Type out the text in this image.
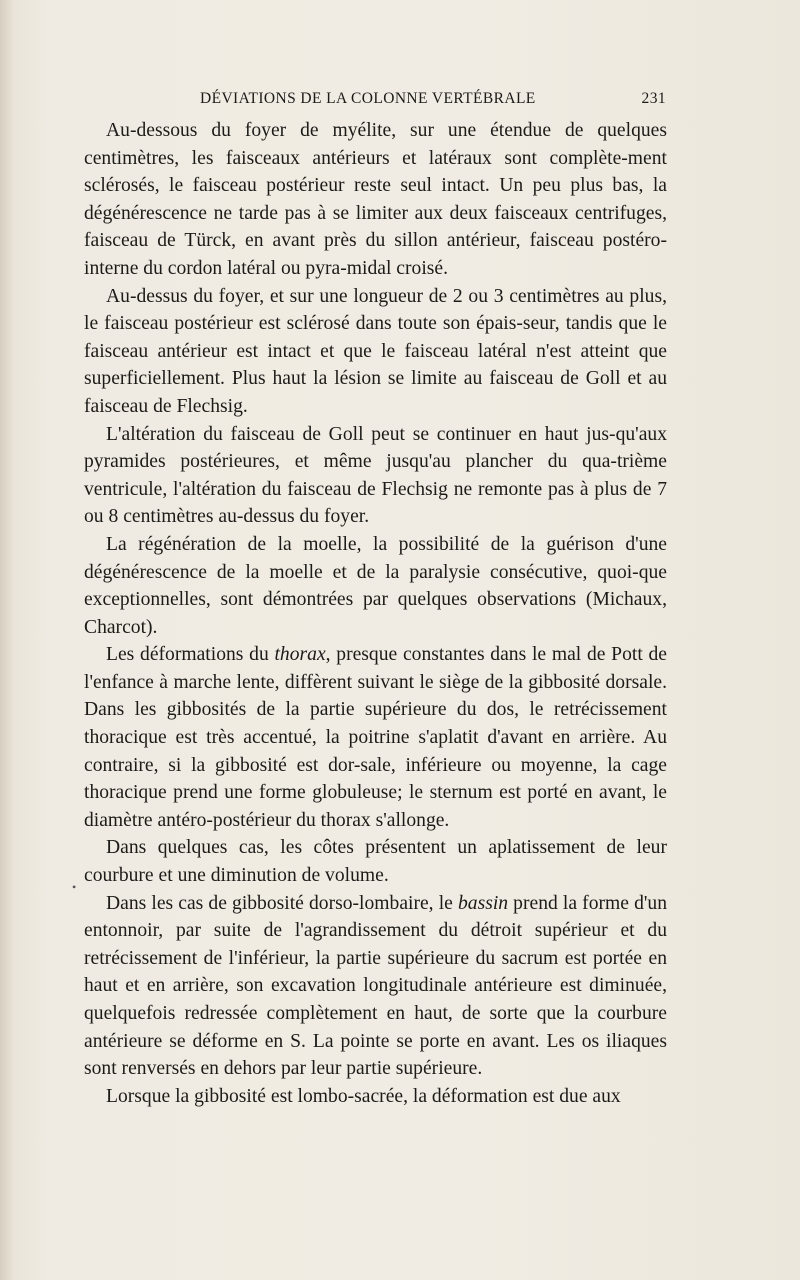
DÉVIATIONS DE LA COLONNE VERTÉBRALE	231
•

Au-dessous du foyer de myélite, sur une étendue de quelques centimètres, les faisceaux antérieurs et latéraux sont complète-ment sclérosés, le faisceau postérieur reste seul intact. Un peu plus bas, la dégénérescence ne tarde pas à se limiter aux deux faisceaux centrifuges, faisceau de Türck, en avant près du sillon antérieur, faisceau postéro-interne du cordon latéral ou pyra-midal croisé.

Au-dessus du foyer, et sur une longueur de 2 ou 3 centimètres au plus, le faisceau postérieur est sclérosé dans toute son épais-seur, tandis que le faisceau antérieur est intact et que le faisceau latéral n'est atteint que superficiellement. Plus haut la lésion se limite au faisceau de Goll et au faisceau de Flechsig.

L'altération du faisceau de Goll peut se continuer en haut jus-qu'aux pyramides postérieures, et même jusqu'au plancher du qua-trième ventricule, l'altération du faisceau de Flechsig ne remonte pas à plus de 7 ou 8 centimètres au-dessus du foyer.

La régénération de la moelle, la possibilité de la guérison d'une dégénérescence de la moelle et de la paralysie consécutive, quoi-que exceptionnelles, sont démontrées par quelques observations (Michaux, Charcot).

Les déformations du thorax, presque constantes dans le mal de Pott de l'enfance à marche lente, diffèrent suivant le siège de la gibbosité dorsale. Dans les gibbosités de la partie supérieure du dos, le retrécissement thoracique est très accentué, la poitrine s'aplatit d'avant en arrière. Au contraire, si la gibbosité est dor-sale, inférieure ou moyenne, la cage thoracique prend une forme globuleuse; le sternum est porté en avant, le diamètre antéro-postérieur du thorax s'allonge.

Dans quelques cas, les côtes présentent un aplatissement de leur courbure et une diminution de volume.

Dans les cas de gibbosité dorso-lombaire, le bassin prend la forme d'un entonnoir, par suite de l'agrandissement du détroit supérieur et du retrécissement de l'inférieur, la partie supérieure du sacrum est portée en haut et en arrière, son excavation longitudinale antérieure est diminuée, quelquefois redressée complètement en haut, de sorte que la courbure antérieure se déforme en S. La pointe se porte en avant. Les os iliaques sont renversés en dehors par leur partie supérieure.

Lorsque la gibbosité est lombo-sacrée, la déformation est due aux
